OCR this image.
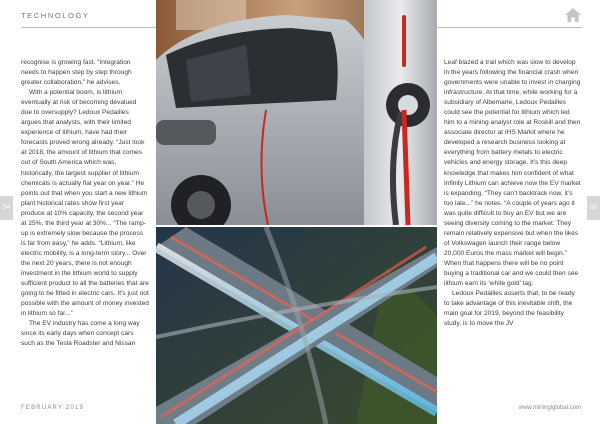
TECHNOLOGY

recognise is growing fast. “Integration needs to happen step by step through greater collaboration,” he advises.

With a potential boom, is lithium eventually at risk of becoming devalued due to oversupply? Ledoux Pedailles argues that analysts, with their limited experience of lithium, have had their forecasts proved wrong already. “Just look at 2018, the amount of lithium that comes out of South America which was, historically, the largest supplier of lithium chemicals is actually flat year on year.” He points out that when you start a new lithium plant historical rates show first year produce at 10% capacity, the second year at 25%, the third year at 30%... “The ramp-up is extremely slow because the process is far from easy,” he adds. “Lithium, like electric mobility, is a long-term story... Over the next 20 years, there is not enough investment in the lithium world to supply sufficient product to all the batteries that are going to be fitted in electric cars. It’s just not possible with the amount of money invested in lithium so far...”

The EV industry has come a long way since its early days when concept cars such as the Tesla Roadster and Nissan

54	55

Leaf blazed a trail which was slow to develop in the years following the financial crash when governments were unable to invest in charging infrastructure. At that time, while working for a subsidiary of Albemarle, Ledoux Pedailles could see the potential for lithium which led him to a mining analyst role at Roskill and then associate director at IHS Markit where he developed a research business looking at everything from battery metals to electric vehicles and energy storage. It’s this deep knowledge that makes him confident of what Infinity Lithium can achieve now the EV market is expanding. “They can’t backtrack now, it’s too late...” he notes. “A couple of years ago it was quite difficult to buy an EV but we are seeing diversity coming to the market. They remain relatively expensive but when the likes of Volkswagen launch their range below 20,000 Euros the mass market will begin.” When that happens there will be no point buying a traditional car and we could then see lithium earn its ‘white gold’ tag.

Ledoux Pedailles asserts that, to be ready to take advantage of this inevitable shift, the main goal for 2019, beyond the feasibility study, is to move the JV

FEBRUARY 2019	www.mininglglobal.com
